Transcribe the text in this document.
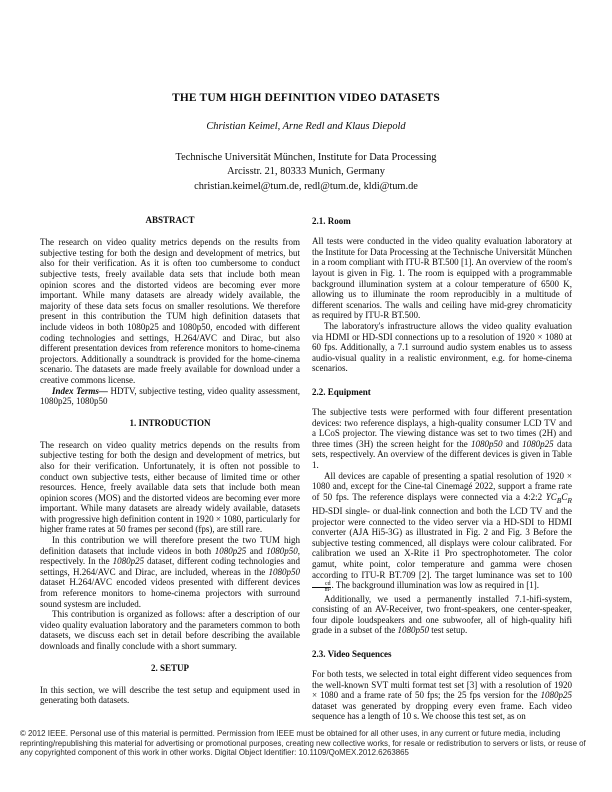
THE TUM HIGH DEFINITION VIDEO DATASETS
Christian Keimel, Arne Redl and Klaus Diepold
Technische Universität München, Institute for Data Processing
Arcisstr. 21, 80333 Munich, Germany
christian.keimel@tum.de, redl@tum.de, kldi@tum.de
ABSTRACT

The research on video quality metrics depends on the results from subjective testing for both the design and development of metrics, but also for their verification. As it is often too cumbersome to conduct subjective tests, freely available data sets that include both mean opinion scores and the distorted videos are becoming ever more important. While many datasets are already widely available, the majority of these data sets focus on smaller resolutions. We therefore present in this contribution the TUM high definition datasets that include videos in both 1080p25 and 1080p50, encoded with different coding technologies and settings, H.264/AVC and Dirac, but also different presentation devices from reference monitors to home-cinema projectors. Additionally a soundtrack is provided for the home-cinema scenario. The datasets are made freely available for download under a creative commons license.

Index Terms— HDTV, subjective testing, video quality assessment, 1080p25, 1080p50

1. INTRODUCTION

The research on video quality metrics depends on the results from subjective testing for both the design and development of metrics, but also for their verification. Unfortunately, it is often not possible to conduct own subjective tests, either because of limited time or other resources. Hence, freely available data sets that include both mean opinion scores (MOS) and the distorted videos are becoming ever more important. While many datasets are already widely available, datasets with progressive high definition content in 1920 × 1080, particularly for higher frame rates at 50 frames per second (fps), are still rare.

In this contribution we will therefore present the two TUM high definition datasets that include videos in both 1080p25 and 1080p50, respectively. In the 1080p25 dataset, different coding technologies and settings, H.264/AVC and Dirac, are included, whereas in the 1080p50 dataset H.264/AVC encoded videos presented with different devices from reference monitors to home-cinema projectors with surround sound systesm are included.

This contribution is organized as follows: after a description of our video quality evaluation laboratory and the parameters common to both datasets, we discuss each set in detail before describing the available downloads and finally conclude with a short summary.

2. SETUP

In this section, we will describe the test setup and equipment used in generating both datasets.

2.1. Room

All tests were conducted in the video quality evaluation laboratory at the Institute for Data Processing at the Technische Universität München in a room compliant with ITU-R BT.500 [1]. An overview of the room's layout is given in Fig. 1. The room is equipped with a programmable background illumination system at a colour temperature of 6500 K, allowing us to illuminate the room reproducibly in a multitude of different scenarios. The walls and ceiling have mid-grey chromaticity as required by ITU-R BT.500.

The laboratory's infrastructure allows the video quality evaluation via HDMI or HD-SDI connections up to a resolution of 1920 × 1080 at 60 fps. Additionally, a 7.1 surround audio system enables us to assess audio-visual quality in a realistic environment, e.g. for home-cinema scenarios.

2.2. Equipment

The subjective tests were performed with four different presentation devices: two reference displays, a high-quality consumer LCD TV and a LCoS projector. The viewing distance was set to two times (2H) and three times (3H) the screen height for the 1080p50 and 1080p25 data sets, respectively. An overview of the different devices is given in Table 1.

All devices are capable of presenting a spatial resolution of 1920 × 1080 and, except for the Cine-tal Cinemagé 2022, support a frame rate of 50 fps. The reference displays were connected via a 4:2:2 $YC_BC_R$ HD-SDI single- or dual-link connection and both the LCD TV and the projector were connected to the video server via a HD-SDI to HDMI converter (AJA Hi5-3G) as illustrated in Fig. 2 and Fig. 3 Before the subjective testing commenced, all displays were colour calibrated. For calibration we used an X-Rite i1 Pro spectrophotometer. The color gamut, white point, color temperature and gamma were chosen according to ITU-R BT.709 [2]. The target luminance was set to 100
$\frac{cd}{\text{m²}}$ . The background illumination was low as required in [1].

Additionally, we used a permanently installed 7.1-hifi-system, consisting of an AV-Receiver, two front-speakers, one center-speaker, four dipole loudspeakers and one subwoofer, all of high-quality hifi grade in a subset of the 1080p50 test setup.

2.3. Video Sequences

For both tests, we selected in total eight different video sequences from the well-known SVT multi format test set [3] with a resolution of 1920 × 1080 and a frame rate of 50 fps; the 25 fps version for the 1080p25 dataset was generated by dropping every even frame. Each video sequence has a length of 10 s. We choose this test set, as on

© 2012 IEEE. Personal use of this material is permitted. Permission from IEEE must be obtained for all other uses, in any current or future media, including reprinting/republishing this material for advertising or promotional purposes, creating new collective works, for resale or redistribution to servers or lists, or reuse of any copyrighted component of this work in other works. Digital Object Identifier: 10.1109/QoMEX.2012.6263865
